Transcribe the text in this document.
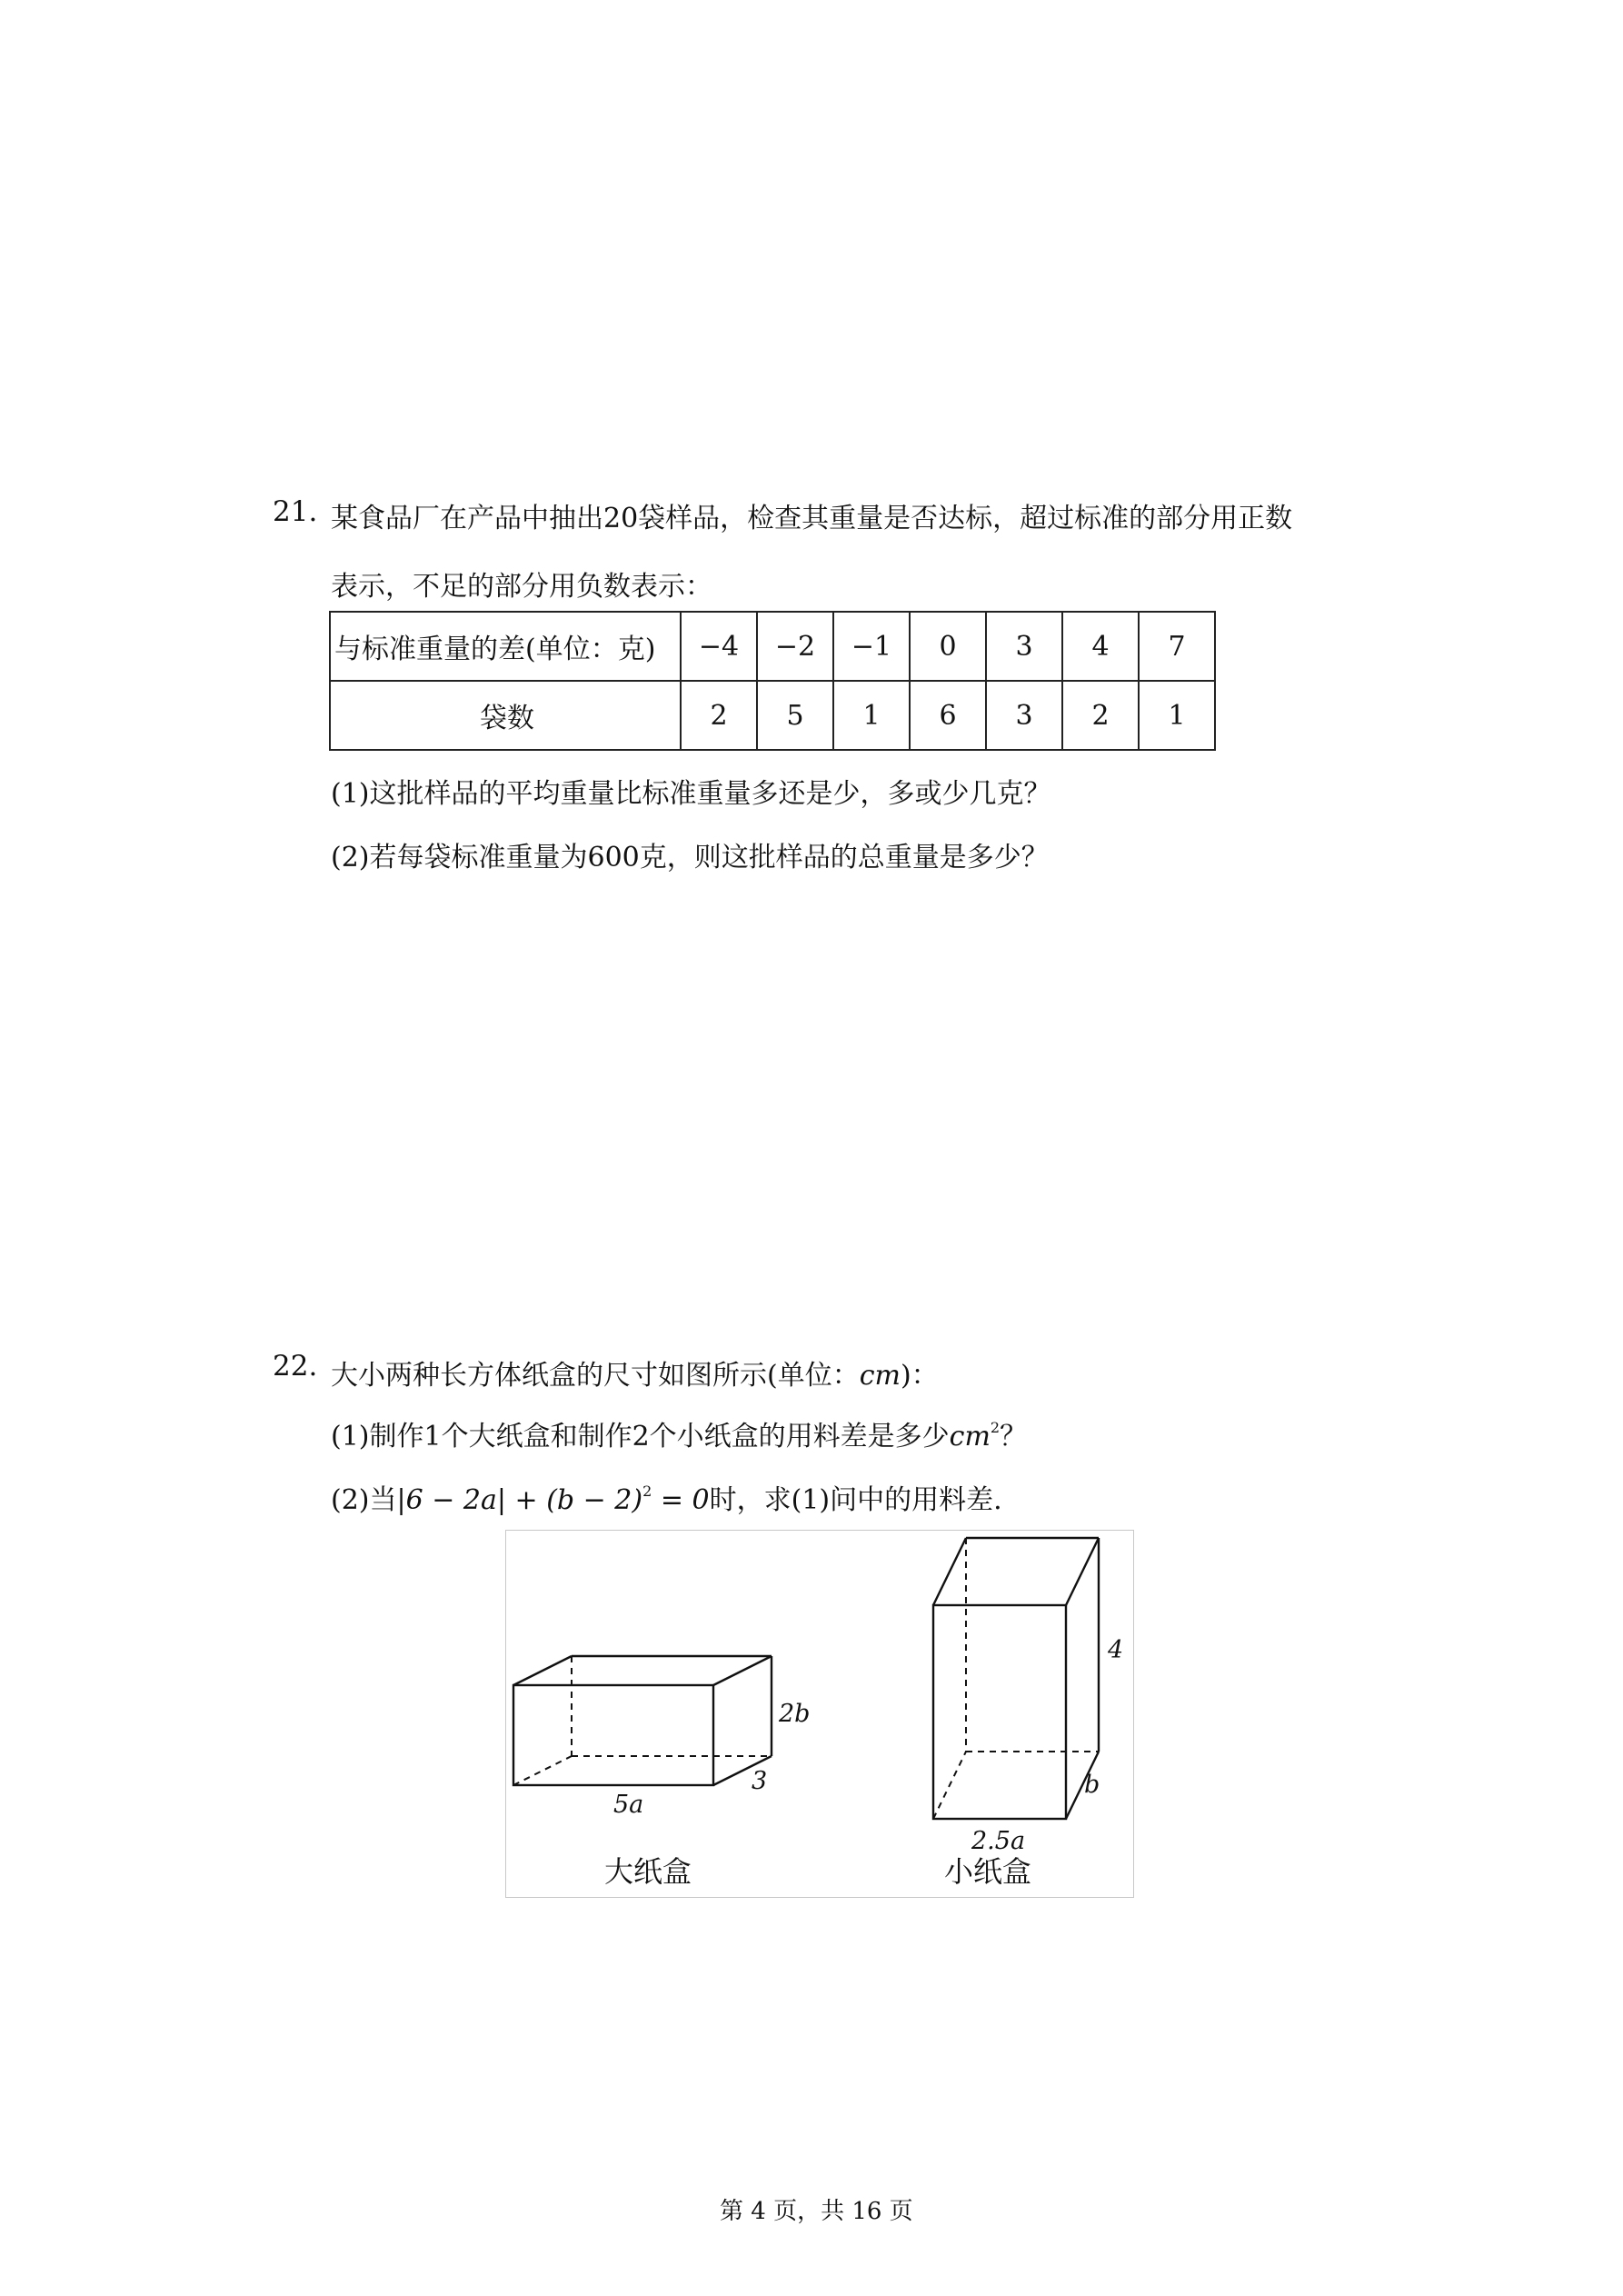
21. 某食品厂在产品中抽出20袋样品，检查其重量是否达标，超过标准的部分用正数
表示，不足的部分用负数表示：
与标准重量的差(单位：克)	−4	−2	−1	0	3	4	7
袋数	2	5	1	6	3	2	1
(1)这批样品的平均重量比标准重量多还是少，多或少几克？
(2)若每袋标准重量为600克，则这批样品的总重量是多少？
22. 大小两种长方体纸盒的尺寸如图所示(单位：cm)：
(1)制作1个大纸盒和制作2个小纸盒的用料差是多少$cm^2$？
(2)当$|6 - 2a| + (b - 2)^2 = 0$时，求(1)问中的用料差.
2b
5a
3
4
b
2.5a
大纸盒	小纸盒
第 4 页，共 16 页
